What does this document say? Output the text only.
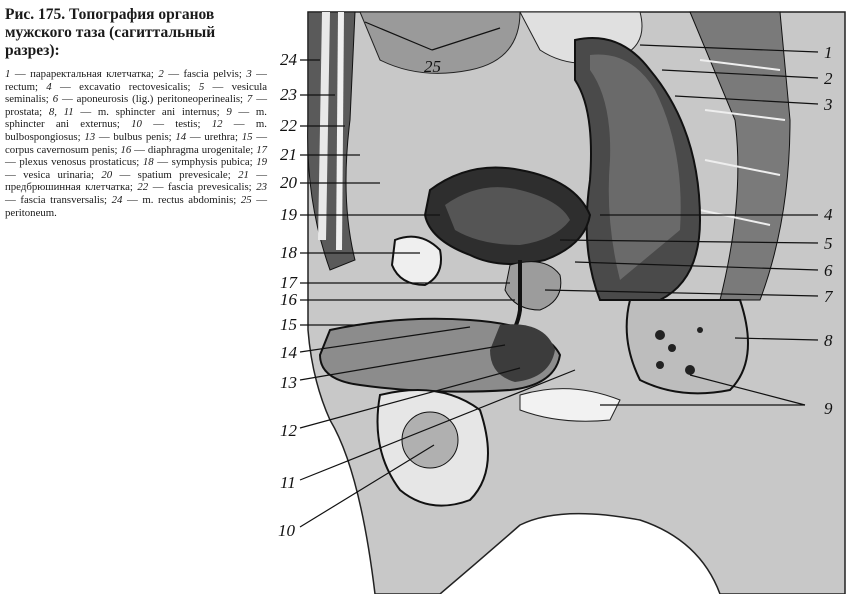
Рис. 175. Топография органов
мужского таза (сагиттальный
разрез):
1 — параректальная клетчатка; 2 — fascia pelvis; 3 — rectum; 4 — excavatio rectovesicalis; 5 — vesicula seminalis; 6 — aponeurosis (lig.) peritoneoperinealis; 7 — prostata; 8, 11 — m. sphincter ani internus; 9 — m. sphincter ani externus; 10 — testis; 12 — m. bulbospongiosus; 13 — bulbus penis; 14 — urethra; 15 — corpus cavernosum penis; 16 — diaphragma urogenitale; 17 — plexus venosus prostaticus; 18 — symphysis pubica; 19 — vesica urinaria; 20 — spatium prevesicale; 21 — предбрюшинная клетчатка; 22 — fascia prevesicalis; 23 — fascia transversalis; 24 — m. rectus abdominis; 25 — peritoneum.
1
2
3
4
5
6
7
8
9
10
11
12
13
14
15
16
17
18
19
20
21
22
23
24	25
